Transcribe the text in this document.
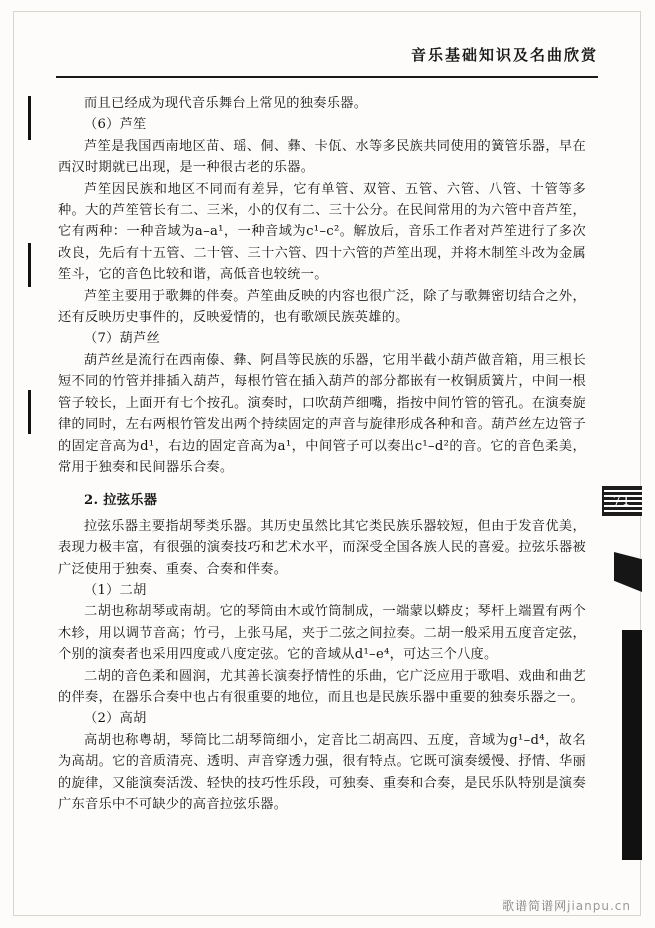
音乐基础知识及名曲欣赏

而且已经成为现代音乐舞台上常见的独奏乐器。

（6）芦笙

芦笙是我国西南地区苗、瑶、侗、彝、卡佤、水等多民族共同使用的簧管乐器，早在西汉时期就已出现，是一种很古老的乐器。

芦笙因民族和地区不同而有差异，它有单管、双管、五管、六管、八管、十管等多种。大的芦笙管长有二、三米，小的仅有二、三十公分。在民间常用的为六管中音芦笙，它有两种：一种音域为a–a¹，一种音域为c¹–c²。解放后，音乐工作者对芦笙进行了多次改良，先后有十五管、二十管、三十六管、四十六管的芦笙出现，并将木制笙斗改为金属笙斗，它的音色比较和谐，高低音也较统一。

芦笙主要用于歌舞的伴奏。芦笙曲反映的内容也很广泛，除了与歌舞密切结合之外，还有反映历史事件的，反映爱情的，也有歌颂民族英雄的。

（7）葫芦丝

葫芦丝是流行在西南傣、彝、阿昌等民族的乐器，它用半截小葫芦做音箱，用三根长短不同的竹管并排插入葫芦，每根竹管在插入葫芦的部分都嵌有一枚铜质簧片，中间一根管子较长，上面开有七个按孔。演奏时，口吹葫芦细嘴，指按中间竹管的管孔。在演奏旋律的同时，左右两根竹管发出两个持续固定的声音与旋律形成各种和音。葫芦丝左边管子的固定音高为d¹，右边的固定音高为a¹，中间管子可以奏出c¹–d²的音。它的音色柔美，常用于独奏和民间器乐合奏。

2. 拉弦乐器

拉弦乐器主要指胡琴类乐器。其历史虽然比其它类民族乐器较短，但由于发音优美，表现力极丰富，有很强的演奏技巧和艺术水平，而深受全国各族人民的喜爱。拉弦乐器被广泛使用于独奏、重奏、合奏和伴奏。

（1）二胡

二胡也称胡琴或南胡。它的琴筒由木或竹筒制成，一端蒙以蟒皮；琴杆上端置有两个木轸，用以调节音高；竹弓，上张马尾，夹于二弦之间拉奏。二胡一般采用五度音定弦，个别的演奏者也采用四度或八度定弦。它的音域从d¹–e⁴，可达三个八度。

二胡的音色柔和圆润，尤其善长演奏抒情性的乐曲，它广泛应用于歌唱、戏曲和曲艺的伴奏，在器乐合奏中也占有很重要的地位，而且也是民族乐器中重要的独奏乐器之一。

（2）高胡

高胡也称粤胡，琴筒比二胡琴筒细小，定音比二胡高四、五度，音域为g¹–d⁴，故名为高胡。它的音质清亮、透明、声音穿透力强，很有特点。它既可演奏缓慢、抒情、华丽的旋律，又能演奏活泼、轻快的技巧性乐段，可独奏、重奏和合奏，是民乐队特别是演奏广东音乐中不可缺少的高音拉弦乐器。

歌谱简谱网jianpu.cn
